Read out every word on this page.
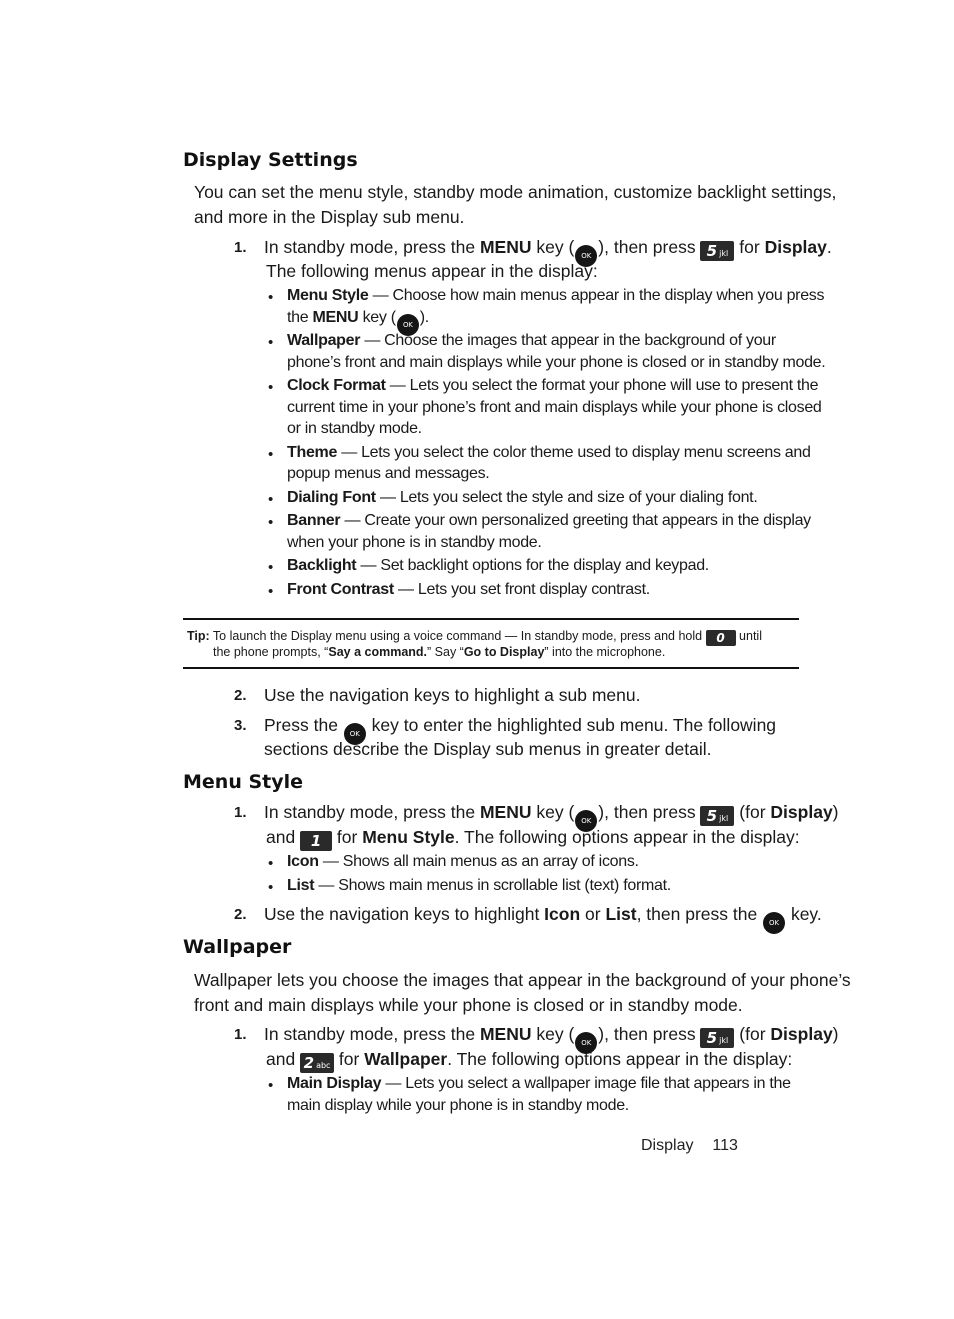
Display Settings
You can set the menu style, standby mode animation, customize backlight settings,
and more in the Display sub menu.
1. In standby mode, press the MENU key ( OK ), then press 5 jkl for Display.
The following menus appear in the display:
• Menu Style — Choose how main menus appear in the display when you press
the MENU key ( OK ).
• Wallpaper — Choose the images that appear in the background of your
phone’s front and main displays while your phone is closed or in standby mode.
• Clock Format — Lets you select the format your phone will use to present the
current time in your phone’s front and main displays while your phone is closed
or in standby mode.
• Theme — Lets you select the color theme used to display menu screens and
popup menus and messages.
• Dialing Font — Lets you select the style and size of your dialing font.
• Banner — Create your own personalized greeting that appears in the display
when your phone is in standby mode.
• Backlight — Set backlight options for the display and keypad.
• Front Contrast — Lets you set front display contrast.
Tip: To launch the Display menu using a voice command — In standby mode, press and hold 0 until
the phone prompts, “Say a command.” Say “Go to Display” into the microphone.
2. Use the navigation keys to highlight a sub menu.
3. Press the OK key to enter the highlighted sub menu. The following
sections describe the Display sub menus in greater detail.
Menu Style
1. In standby mode, press the MENU key ( OK ), then press 5 jkl (for Display)
and 1 for Menu Style. The following options appear in the display:
• Icon — Shows all main menus as an array of icons.
• List — Shows main menus in scrollable list (text) format.
2. Use the navigation keys to highlight Icon or List, then press the OK key.
Wallpaper
Wallpaper lets you choose the images that appear in the background of your phone’s
front and main displays while your phone is closed or in standby mode.
1. In standby mode, press the MENU key ( OK ), then press 5 jkl (for Display)
and 2 abc for Wallpaper. The following options appear in the display:
• Main Display — Lets you select a wallpaper image file that appears in the
main display while your phone is in standby mode.
Display 113
